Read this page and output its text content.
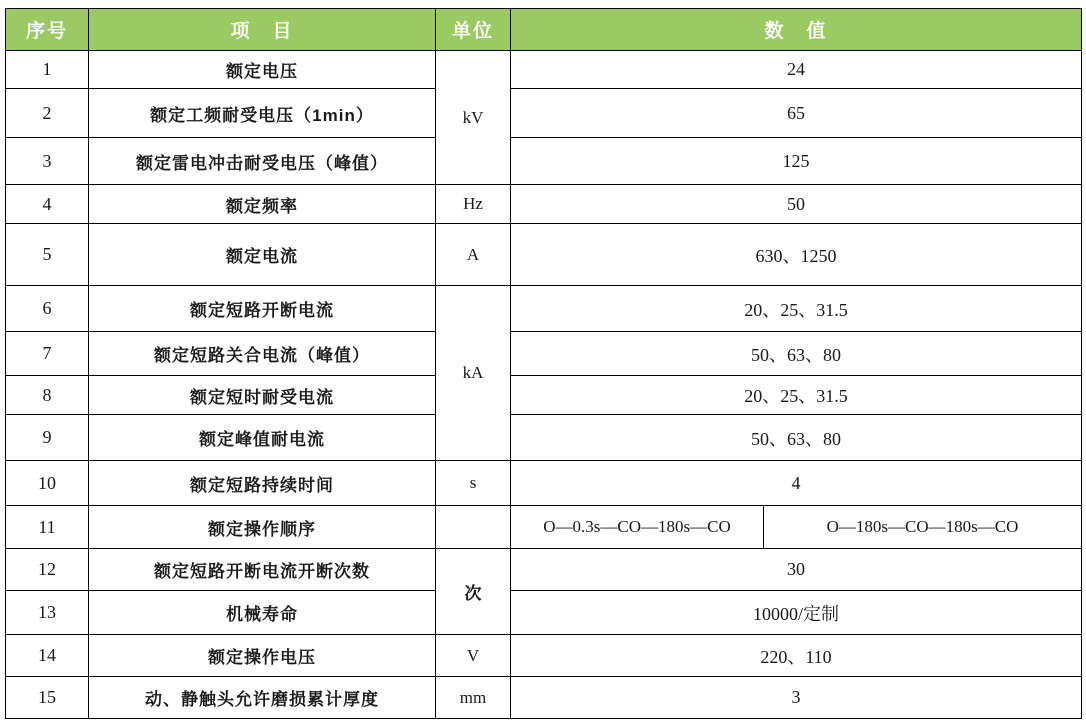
序号	项　目	单位	数　值	
1	额定电压	kV	24	
2	额定工频耐受电压（1min）		65	
3	额定雷电冲击耐受电压（峰值）		125	
4	额定频率	Hz	50	
5	额定电流	A	630、1250	
6	额定短路开断电流	kA	20、25、31.5	
7	额定短路关合电流（峰值）		50、63、80	
8	额定短时耐受电流		20、25、31.5	
9	额定峰值耐电流		50、63、80	
10	额定短路持续时间	s	4	
11	额定操作顺序		O—0.3s—CO—180s—CO	O—180s—CO—180s—CO
12	额定短路开断电流开断次数	次	30	
13	机械寿命		10000/定制	
14	额定操作电压	V	220、110	
15	动、静触头允许磨损累计厚度	mm	3	
